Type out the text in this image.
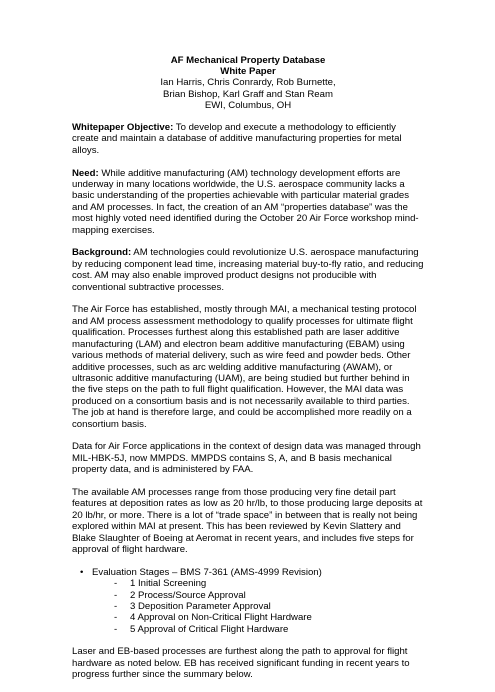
AF Mechanical Property Database
White Paper
Ian Harris, Chris Conrardy, Rob Burnette,
Brian Bishop, Karl Graff and Stan Ream
EWI, Columbus, OH

Whitepaper Objective: To develop and execute a methodology to efficiently create and maintain a database of additive manufacturing properties for metal alloys.

Need: While additive manufacturing (AM) technology development efforts are underway in many locations worldwide, the U.S. aerospace community lacks a basic understanding of the properties achievable with particular material grades and AM processes. In fact, the creation of an AM “properties database” was the most highly voted need identified during the October 20 Air Force workshop mind-mapping exercises.

Background: AM technologies could revolutionize U.S. aerospace manufacturing by reducing component lead time, increasing material buy-to-fly ratio, and reducing cost. AM may also enable improved product designs not producible with conventional subtractive processes.

The Air Force has established, mostly through MAI, a mechanical testing protocol and AM process assessment methodology to qualify processes for ultimate flight qualification. Processes furthest along this established path are laser additive manufacturing (LAM) and electron beam additive manufacturing (EBAM) using various methods of material delivery, such as wire feed and powder beds. Other additive processes, such as arc welding additive manufacturing (AWAM), or ultrasonic additive manufacturing (UAM), are being studied but further behind in the five steps on the path to full flight qualification. However, the MAI data was produced on a consortium basis and is not necessarily available to third parties. The job at hand is therefore large, and could be accomplished more readily on a consortium basis.

Data for Air Force applications in the context of design data was managed through MIL-HBK-5J, now MMPDS. MMPDS contains S, A, and B basis mechanical property data, and is administered by FAA.

The available AM processes range from those producing very fine detail part features at deposition rates as low as 20 hr/lb, to those producing large deposits at 20 lb/hr, or more. There is a lot of “trade space” in between that is really not being explored within MAI at present. This has been reviewed by Kevin Slattery and Blake Slaughter of Boeing at Aeromat in recent years, and includes five steps for approval of flight hardware.

• Evaluation Stages – BMS 7-361 (AMS-4999 Revision)
- 1 Initial Screening
- 2 Process/Source Approval
- 3 Deposition Parameter Approval
- 4 Approval on Non-Critical Flight Hardware
- 5 Approval of Critical Flight Hardware

Laser and EB-based processes are furthest along the path to approval for flight hardware as noted below. EB has received significant funding in recent years to progress further since the summary below.
